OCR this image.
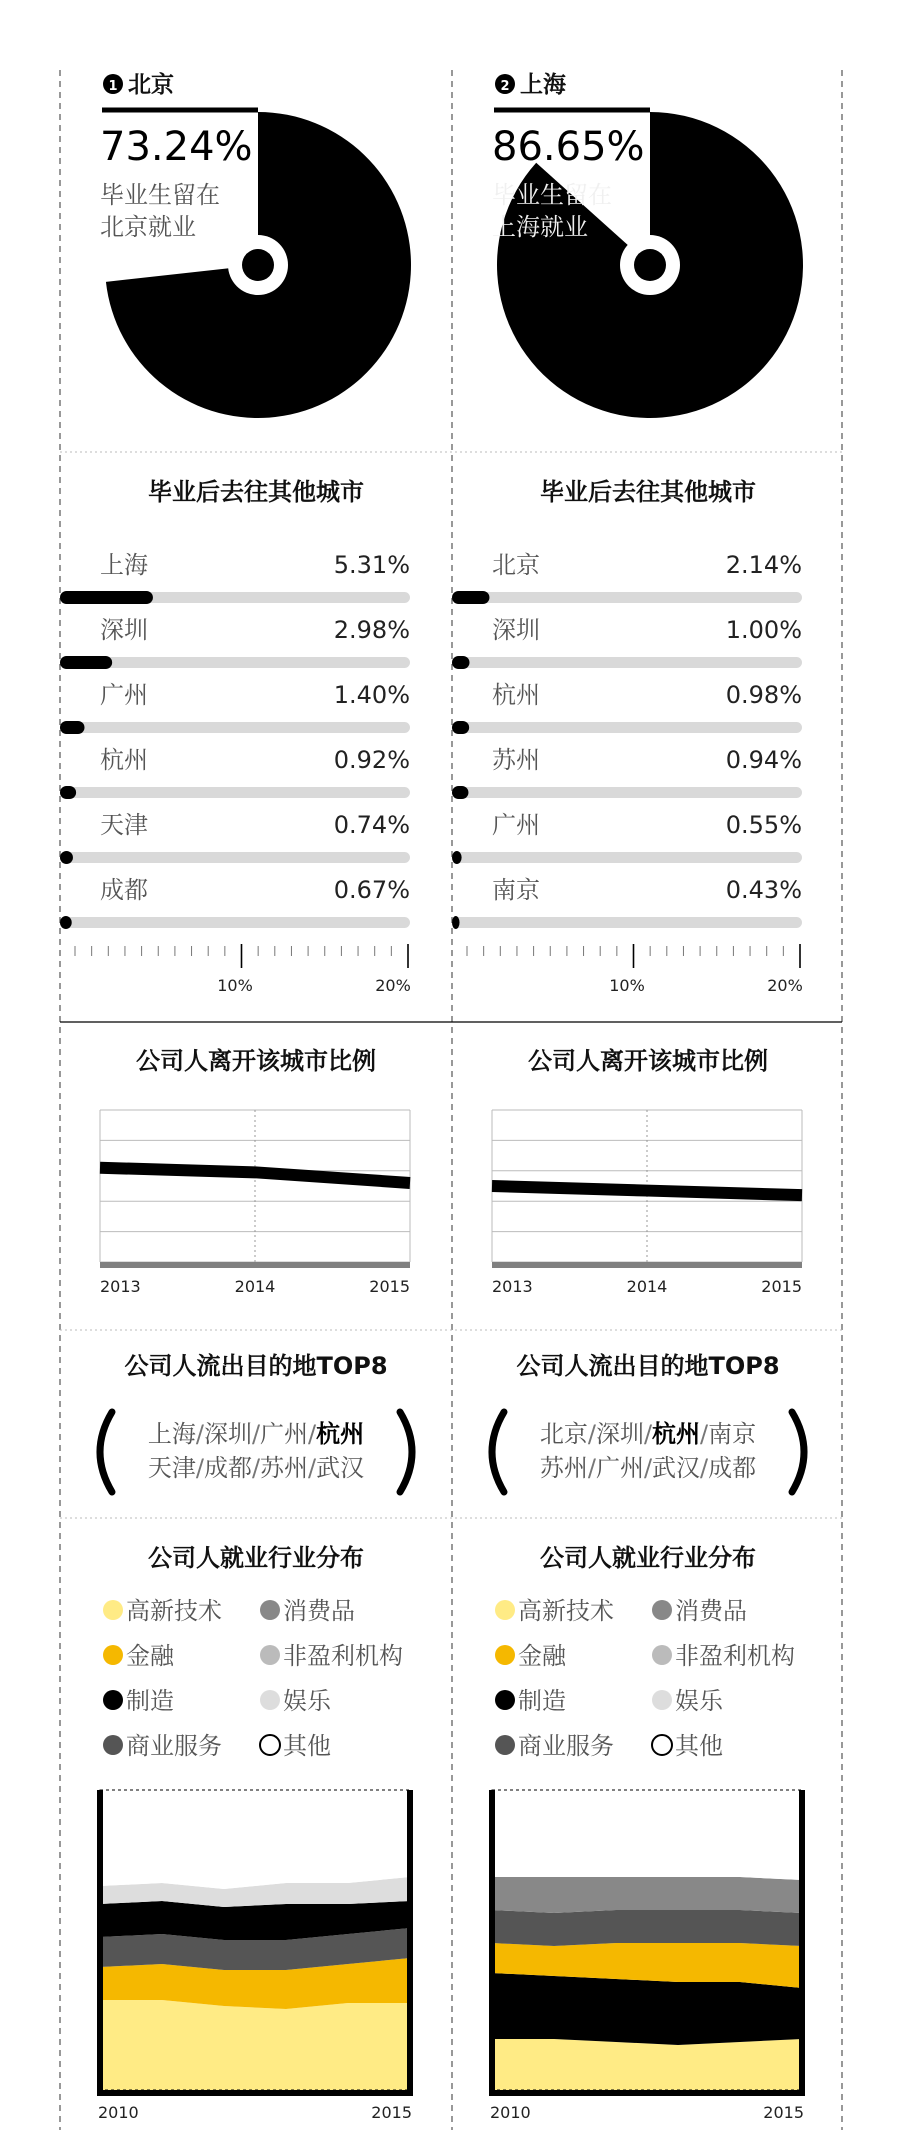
1 北京
73.24%
毕业生留在
北京就业
毕业后去往其他城市
上海	5.31%
深圳	2.98%
广州	1.40%
杭州	0.92%
天津	0.74%
成都	0.67%
10%	20%
公司人离开该城市比例
2013	2014	2015
公司人流出目的地TOP8
上海/深圳/广州/杭州
天津/成都/苏州/武汉
公司人就业行业分布
高新技术	消费品
金融	非盈利机构
制造	娱乐
商业服务	其他
2010	2015
2 上海
86.65%
毕业生留在
上海就业
毕业后去往其他城市
北京	2.14%
深圳	1.00%
杭州	0.98%
苏州	0.94%
广州	0.55%
南京	0.43%
10%	20%
公司人离开该城市比例
2013	2014	2015
公司人流出目的地TOP8
北京/深圳/杭州/南京
苏州/广州/武汉/成都
公司人就业行业分布
高新技术	消费品
金融	非盈利机构
制造	娱乐
商业服务	其他
2010	2015
